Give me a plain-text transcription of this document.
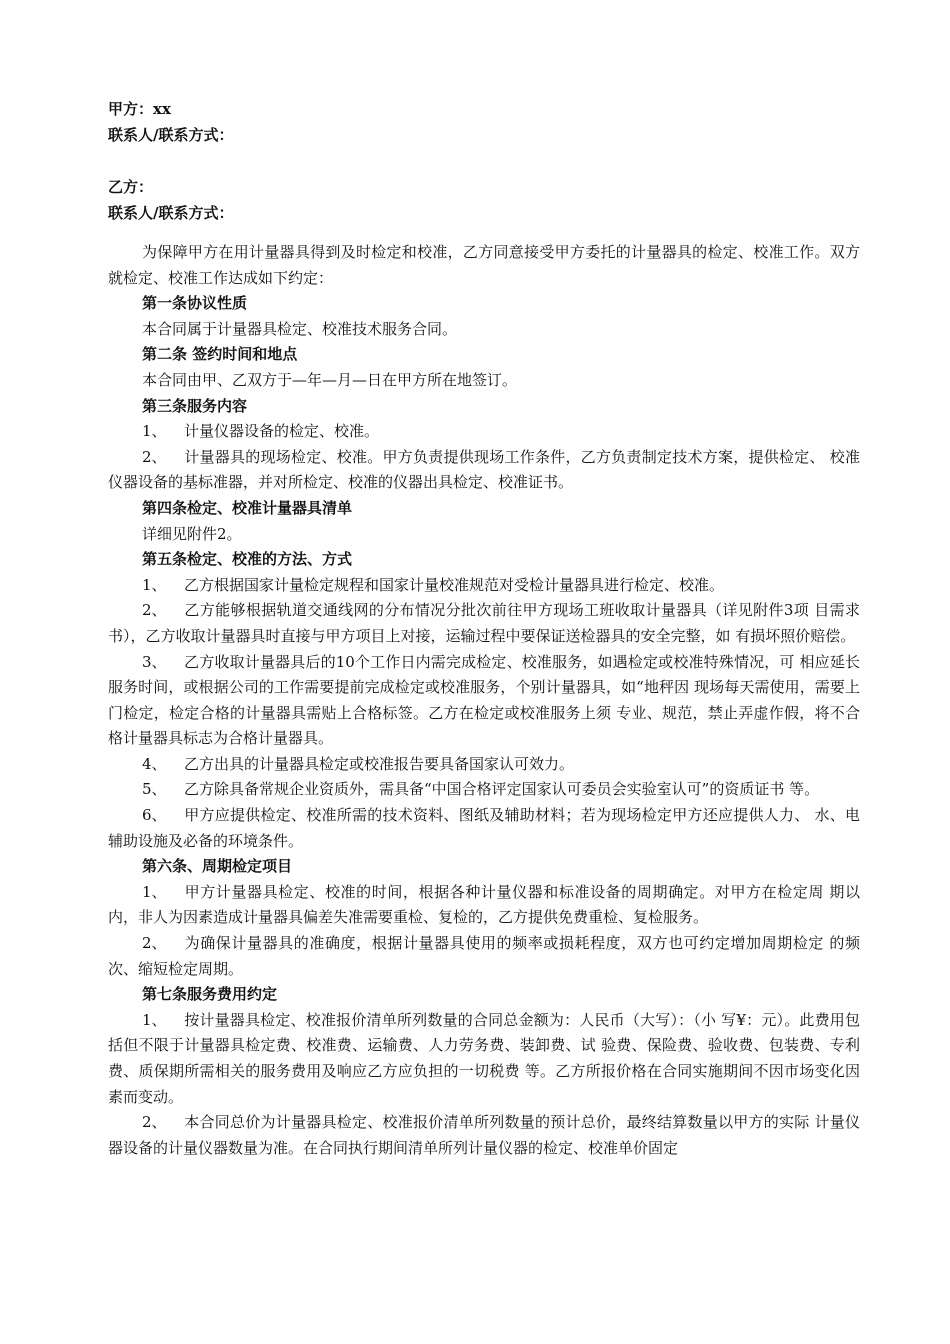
甲方：xx
联系人/联系方式：
乙方：
联系人/联系方式：

为保障甲方在用计量器具得到及时检定和校准，乙方同意接受甲方委托的计量器具的检定、校准工作。双方就检定、校准工作达成如下约定：

第一条协议性质

本合同属于计量器具检定、校准技术服务合同。

第二条 签约时间和地点

本合同由甲、乙双方于—年—月—日在甲方所在地签订。

第三条服务内容

1、 计量仪器设备的检定、校准。

2、 计量器具的现场检定、校准。甲方负责提供现场工作条件，乙方负责制定技术方案，提供检定、 校准仪器设备的基标准器，并对所检定、校准的仪器出具检定、校准证书。

第四条检定、校准计量器具清单

详细见附件2。

第五条检定、校准的方法、方式

1、 乙方根据国家计量检定规程和国家计量校准规范对受检计量器具进行检定、校准。

2、 乙方能够根据轨道交通线网的分布情况分批次前往甲方现场工班收取计量器具（详见附件3项 目需求书），乙方收取计量器具时直接与甲方项目上对接，运输过程中要保证送检器具的安全完整，如 有损坏照价赔偿。

3、 乙方收取计量器具后的10个工作日内需完成检定、校准服务，如遇检定或校准特殊情况，可 相应延长服务时间，或根据公司的工作需要提前完成检定或校准服务，个别计量器具，如“地秤因 现场每天需使用，需要上门检定，检定合格的计量器具需贴上合格标签。乙方在检定或校准服务上须 专业、规范，禁止弄虚作假，将不合格计量器具标志为合格计量器具。

4、 乙方出具的计量器具检定或校准报告要具备国家认可效力。

5、 乙方除具备常规企业资质外，需具备“中国合格评定国家认可委员会实验室认可”的资质证书 等。

6、 甲方应提供检定、校准所需的技术资料、图纸及辅助材料；若为现场检定甲方还应提供人力、 水、电辅助设施及必备的环境条件。

第六条、周期检定项目

1、 甲方计量器具检定、校准的时间，根据各种计量仪器和标准设备的周期确定。对甲方在检定周 期以内，非人为因素造成计量器具偏差失准需要重检、复检的，乙方提供免费重检、复检服务。

2、 为确保计量器具的准确度，根据计量器具使用的频率或损耗程度，双方也可约定增加周期检定 的频次、缩短检定周期。

第七条服务费用约定

1、 按计量器具检定、校准报价清单所列数量的合同总金额为：人民币（大写）：（小 写¥：元）。此费用包括但不限于计量器具检定费、校准费、运输费、人力劳务费、装卸费、试 验费、保险费、验收费、包装费、专利费、质保期所需相关的服务费用及响应乙方应负担的一切税费 等。乙方所报价格在合同实施期间不因市场变化因素而变动。

2、 本合同总价为计量器具检定、校准报价清单所列数量的预计总价，最终结算数量以甲方的实际 计量仪器设备的计量仪器数量为准。在合同执行期间清单所列计量仪器的检定、校准单价固定
